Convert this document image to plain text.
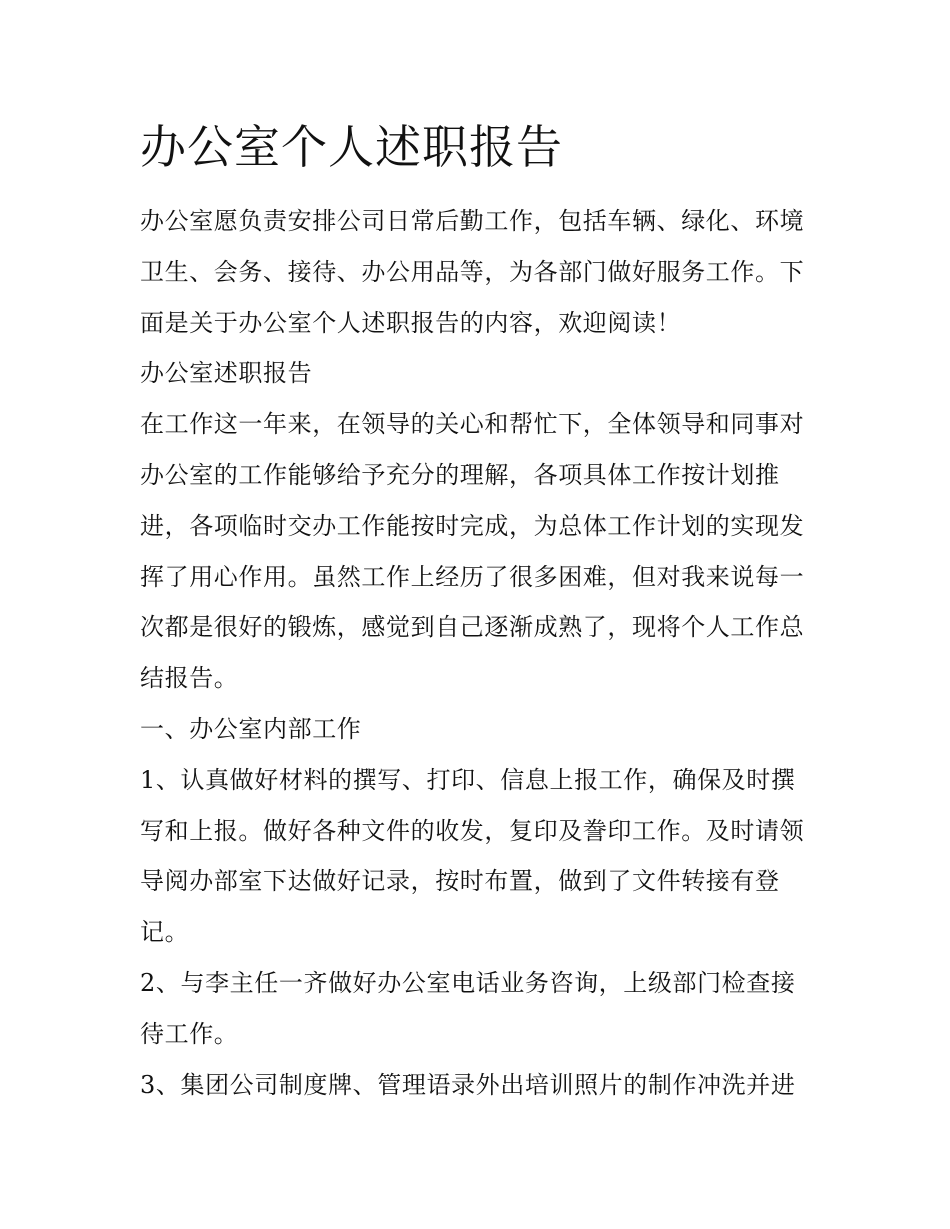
办公室个人述职报告

办公室愿负责安排公司日常后勤工作，包括车辆、绿化、环境卫生、会务、接待、办公用品等，为各部门做好服务工作。下面是关于办公室个人述职报告的内容，欢迎阅读！

办公室述职报告

在工作这一年来，在领导的关心和帮忙下，全体领导和同事对办公室的工作能够给予充分的理解，各项具体工作按计划推进，各项临时交办工作能按时完成，为总体工作计划的实现发挥了用心作用。虽然工作上经历了很多困难，但对我来说每一次都是很好的锻炼，感觉到自己逐渐成熟了，现将个人工作总结报告。

一、办公室内部工作

1、认真做好材料的撰写、打印、信息上报工作，确保及时撰写和上报。做好各种文件的收发，复印及誊印工作。及时请领导阅办部室下达做好记录，按时布置，做到了文件转接有登记。

2、与李主任一齐做好办公室电话业务咨询，上级部门检查接待工作。

3、集团公司制度牌、管理语录外出培训照片的制作冲洗并进
